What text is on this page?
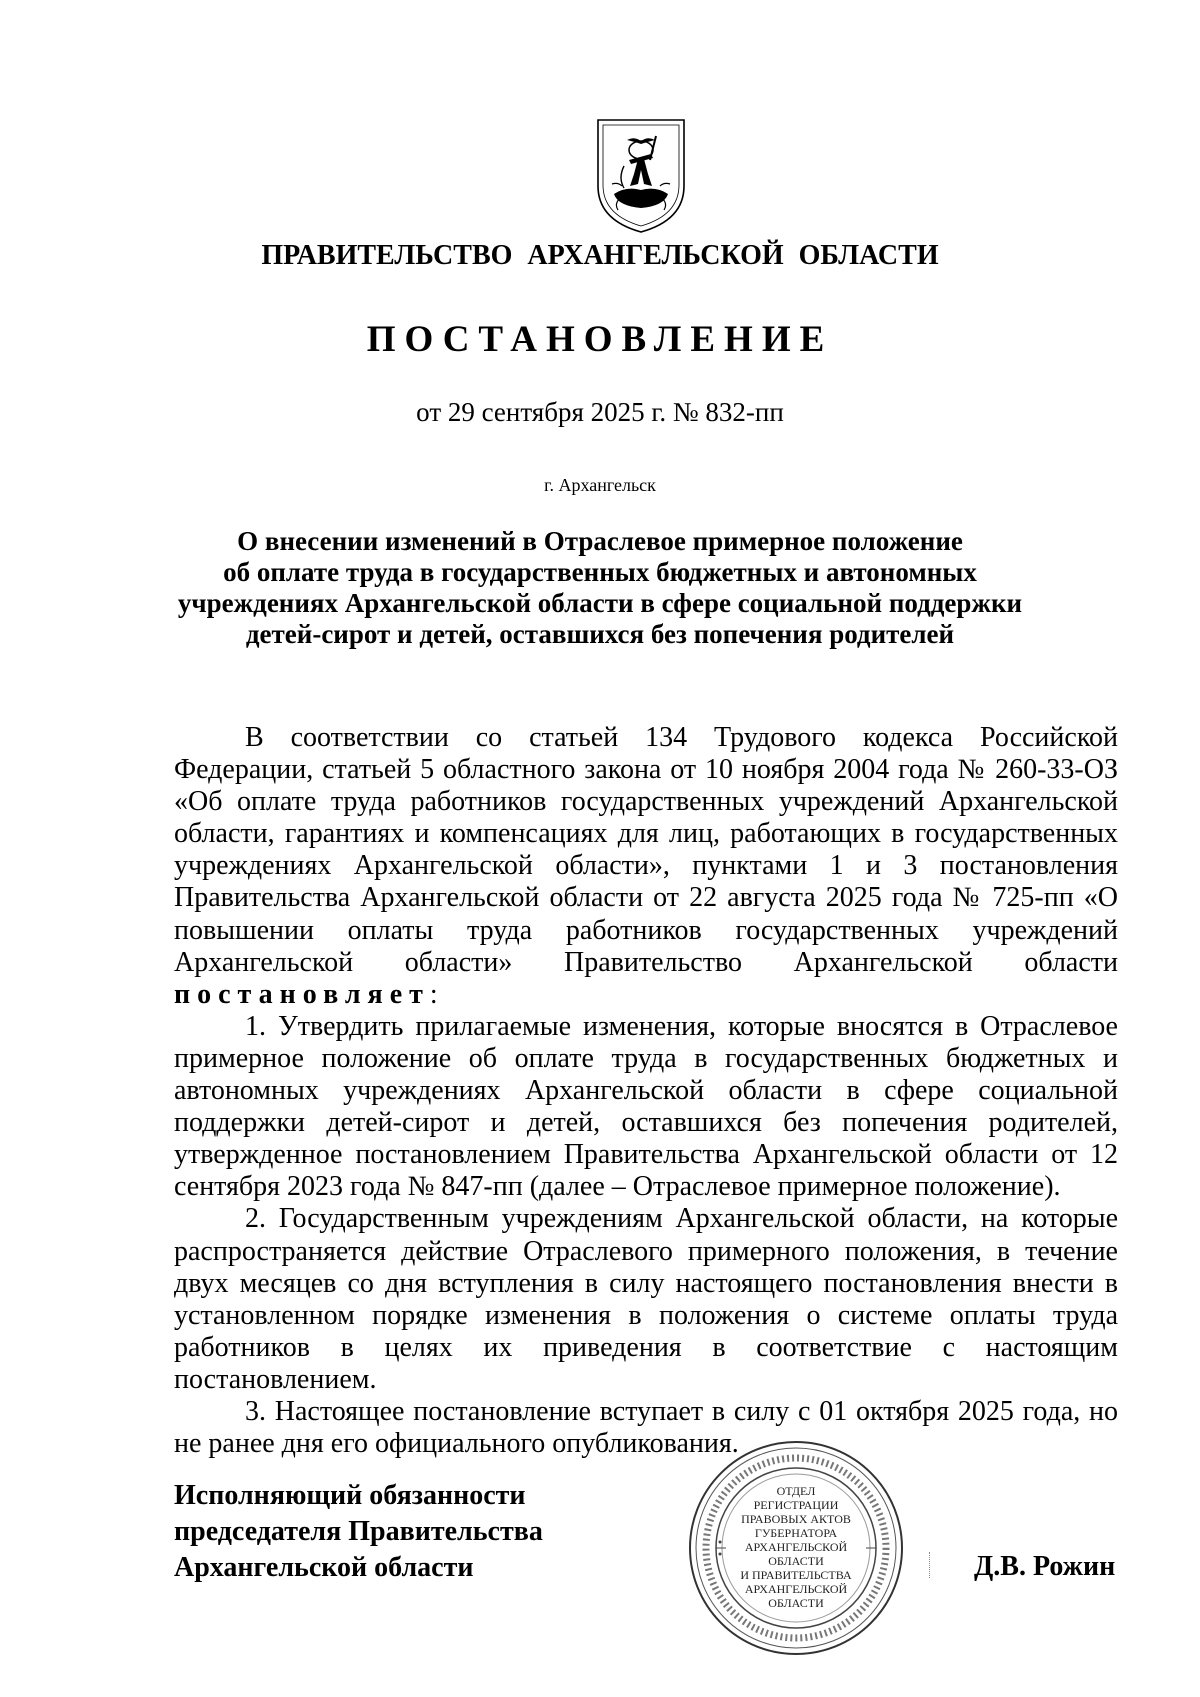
ПРАВИТЕЛЬСТВО АРХАНГЕЛЬСКОЙ ОБЛАСТИ
ПОСТАНОВЛЕНИЕ
от 29 сентября 2025 г. № 832-пп
г. Архангельск
О внесении изменений в Отраслевое примерное положение
об оплате труда в государственных бюджетных и автономных
учреждениях Архангельской области в сфере социальной поддержки
детей-сирот и детей, оставшихся без попечения родителей

В соответствии со статьей 134 Трудового кодекса Российской Федерации, статьей 5 областного закона от 10 ноября 2004 года № 260-33-ОЗ «Об оплате труда работников государственных учреждений Архангельской области, гарантиях и компенсациях для лиц, работающих в государственных учреждениях Архангельской области», пунктами 1 и 3 постановления Правительства Архангельской области от 22 августа 2025 года № 725-пп «О повышении оплаты труда работников государственных учреждений Архангельской области» Правительство Архангельской области постановляет:

1. Утвердить прилагаемые изменения, которые вносятся в Отраслевое примерное положение об оплате труда в государственных бюджетных и автономных учреждениях Архангельской области в сфере социальной поддержки детей-сирот и детей, оставшихся без попечения родителей, утвержденное постановлением Правительства Архангельской области от 12 сентября 2023 года № 847-пп (далее – Отраслевое примерное положение).

2. Государственным учреждениям Архангельской области, на которые распространяется действие Отраслевого примерного положения, в течение двух месяцев со дня вступления в силу настоящего постановления внести в установленном порядке изменения в положения о системе оплаты труда работников в целях их приведения в соответствие с настоящим постановлением.

3. Настоящее постановление вступает в силу с 01 октября 2025 года, но не ранее дня его официального опубликования.

Исполняющий обязанности
председателя Правительства
Архангельской области	Д.В. Рожин
ОТДЕЛ
РЕГИСТРАЦИИ
ПРАВОВЫХ АКТОВ
ГУБЕРНАТОРА
АРХАНГЕЛЬСКОЙ
ОБЛАСТИ
И ПРАВИТЕЛЬСТВА
АРХАНГЕЛЬСКОЙ
ОБЛАСТИ
